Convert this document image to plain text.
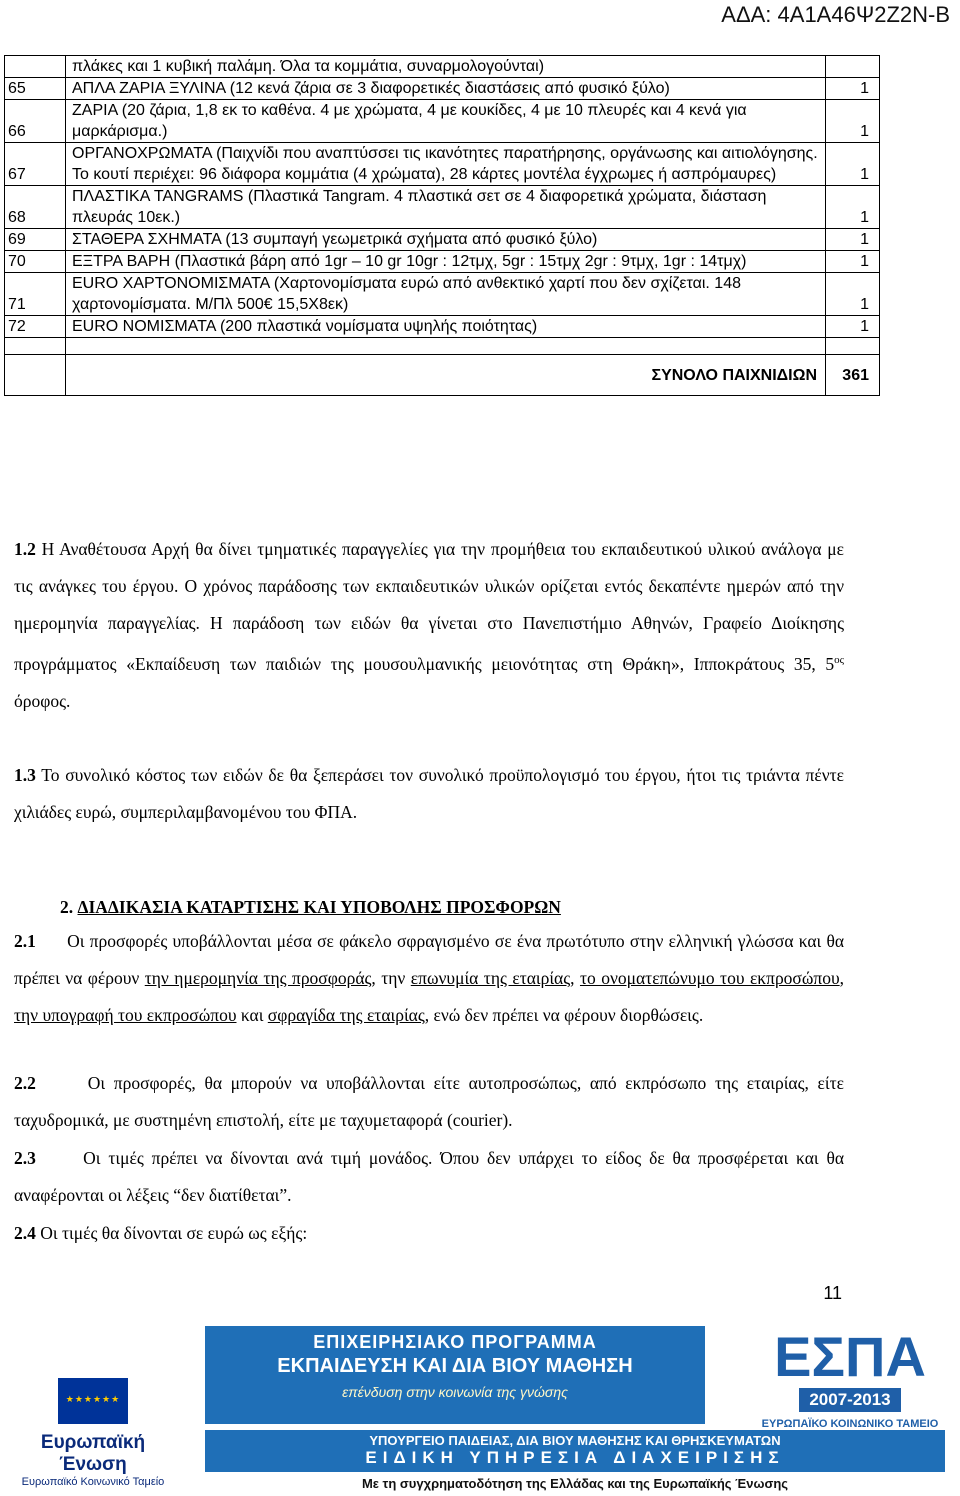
ΑΔΑ: 4Α1Α46Ψ2Ζ2Ν-Β
	πλάκες και 1 κυβική παλάμη. Όλα τα κομμάτια, συναρμολογούνται)	
65	ΑΠΛΑ ΖΑΡΙΑ ΞΥΛΙΝΑ (12 κενά ζάρια σε 3 διαφορετικές διαστάσεις από φυσικό ξύλο)	1
66	ΖΑΡΙΑ (20 ζάρια, 1,8 εκ το καθένα. 4 με χρώματα, 4 με κουκίδες, 4 με 10 πλευρές και 4 κενά για μαρκάρισμα.)	1
67	ΟΡΓΑΝΟΧΡΩΜΑΤΑ (Παιχνίδι που αναπτύσσει τις ικανότητες παρατήρησης, οργάνωσης και αιτιολόγησης. Το κουτί περιέχει: 96 διάφορα κομμάτια (4 χρώματα), 28 κάρτες μοντέλα έγχρωμες ή ασπρόμαυρες)	1
68	ΠΛΑΣΤΙΚΑ TANGRAMS (Πλαστικά Tangram. 4 πλαστικά σετ σε 4 διαφορετικά χρώματα, διάσταση πλευράς 10εκ.)	1
69	ΣΤΑΘΕΡΑ ΣΧΗΜΑΤΑ (13 συμπαγή γεωμετρικά σχήματα από φυσικό ξύλο)	1
70	ΕΞΤΡΑ ΒΑΡΗ (Πλαστικά βάρη από 1gr – 10 gr 10gr : 12τμχ, 5gr : 15τμχ 2gr : 9τμχ, 1gr : 14τμχ)	1
71	EURO ΧΑΡΤΟΝΟΜΙΣΜΑΤΑ (Χαρτονομίσματα ευρώ από ανθεκτικό χαρτί που δεν σχίζεται. 148 χαρτονομίσματα. Μ/Πλ 500€ 15,5Χ8εκ)	1
72	EURO ΝΟΜΙΣΜΑΤΑ (200 πλαστικά νομίσματα υψηλής ποιότητας)	1

	ΣΥΝΟΛΟ ΠΑΙΧΝΙΔΙΩΝ	361
1.2 Η Αναθέτουσα Αρχή θα δίνει τμηματικές παραγγελίες για την προμήθεια του εκπαιδευτικού υλικού ανάλογα με τις ανάγκες του έργου. Ο χρόνος παράδοσης των εκπαιδευτικών υλικών ορίζεται εντός δεκαπέντε ημερών από την ημερομηνία παραγγελίας. Η παράδοση των ειδών θα γίνεται στο Πανεπιστήμιο Αθηνών, Γραφείο Διοίκησης προγράμματος «Εκπαίδευση των παιδιών της μουσουλμανικής μειονότητας στη Θράκη», Ιπποκράτους 35, $5^{o\varsigma}$ όροφος.
1.3 Το συνολικό κόστος των ειδών δε θα ξεπεράσει τον συνολικό προϋπολογισμό του έργου, ήτοι τις τριάντα πέντε χιλιάδες ευρώ, συμπεριλαμβανομένου του ΦΠΑ.
2. ΔΙΑΔΙΚΑΣΙΑ ΚΑΤΑΡΤΙΣΗΣ ΚΑΙ ΥΠΟΒΟΛΗΣ ΠΡΟΣΦΟΡΩΝ
2.1 Οι προσφορές υποβάλλονται μέσα σε φάκελο σφραγισμένο σε ένα πρωτότυπο στην ελληνική γλώσσα και θα πρέπει να φέρουν την ημερομηνία της προσφοράς, την επωνυμία της εταιρίας, το ονοματεπώνυμο του εκπροσώπου, την υπογραφή του εκπροσώπου και σφραγίδα της εταιρίας, ενώ δεν πρέπει να φέρουν διορθώσεις.
2.2	Οι προσφορές, θα μπορούν να υποβάλλονται είτε αυτοπροσώπως, από εκπρόσωπο της εταιρίας, είτε ταχυδρομικά, με συστημένη επιστολή, είτε με ταχυμεταφορά (courier).
2.3	Οι τιμές πρέπει να δίνονται ανά τιμή μονάδος. Όπου δεν υπάρχει το είδος δε θα προσφέρεται και θα αναφέρονται οι λέξεις “δεν διατίθεται”.
2.4 Οι τιμές θα δίνονται σε ευρώ ως εξής:
11
★★★★★★
Ευρωπαϊκή Ένωση
Ευρωπαϊκό Κοινωνικό Ταμείο
ΕΠΙΧΕΙΡΗΣΙΑΚΟ ΠΡΟΓΡΑΜΜΑ
ΕΚΠΑΙΔΕΥΣΗ ΚΑΙ ΔΙΑ ΒΙΟΥ ΜΑΘΗΣΗ
επένδυση στην κοινωνία της γνώσης
ΕΣΠΑ
2007-2013
ΕΥΡΩΠΑΪΚΟ ΚΟΙΝΩΝΙΚΟ ΤΑΜΕΙΟ
ΥΠΟΥΡΓΕΙΟ ΠΑΙΔΕΙΑΣ, ΔΙΑ ΒΙΟΥ ΜΑΘΗΣΗΣ ΚΑΙ ΘΡΗΣΚΕΥΜΑΤΩΝ
ΕΙΔΙΚΗ ΥΠΗΡΕΣΙΑ ΔΙΑΧΕΙΡΙΣΗΣ
Με τη συγχρηματοδότηση της Ελλάδας και της Ευρωπαϊκής Ένωσης
